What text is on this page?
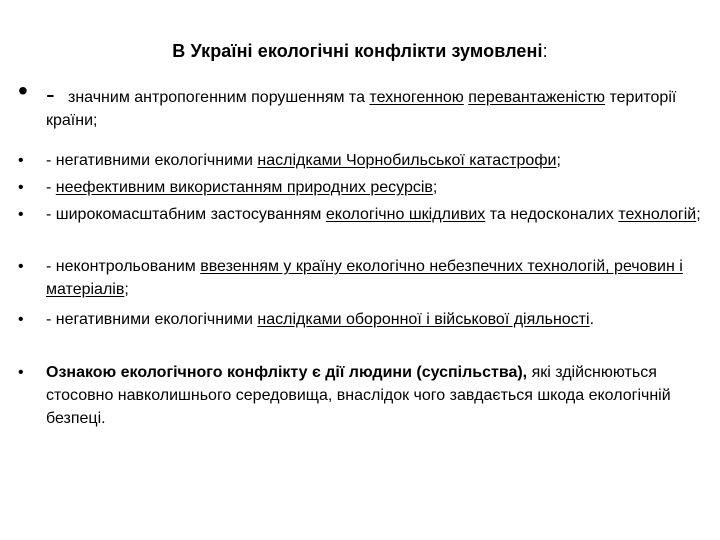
В Україні екологічні конфлікти зумовлені:
• - значним антропогенним порушенням та техногенною перевантаженістю території країни;
•	- негативними екологічними наслідками Чорнобильської катастрофи;
•	- неефективним використанням природних ресурсів;
•	- широкомасштабним застосуванням екологічно шкідливих та недосконалих технологій;
•	- неконтрольованим ввезенням у країну екологічно небезпечних технологій, речовин і матеріалів;
•	- негативними екологічними наслідками оборонної і військової діяльності.
•	Ознакою екологічного конфлікту є дії людини (суспільства), які здійснюються стосовно навколишнього середовища, внаслідок чого завдається шкода екологічній безпеці.
